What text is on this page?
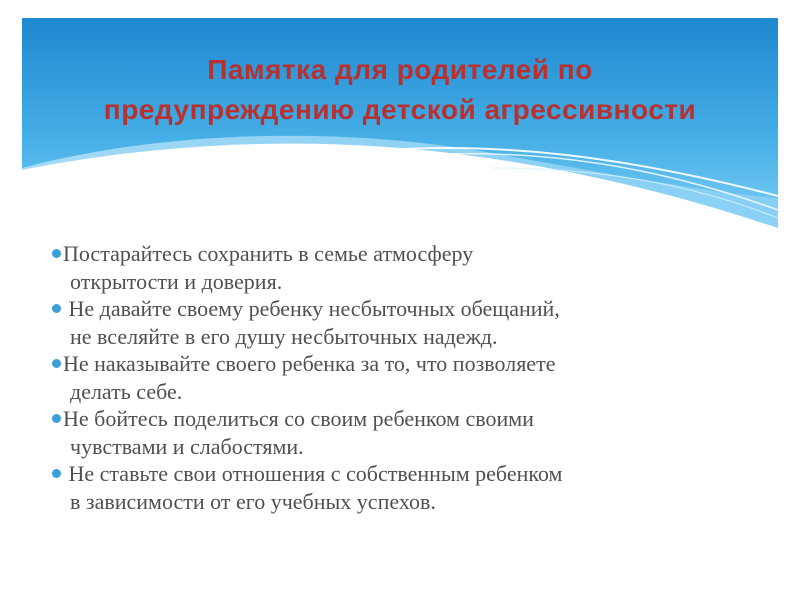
Памятка для родителей по
предупреждению детской агрессивности
Постарайтесь сохранить в семье атмосферу
открытости и доверия.
Не давайте своему ребенку несбыточных обещаний,
не вселяйте в его душу несбыточных надежд.
Не наказывайте своего ребенка за то, что позволяете
делать себе.
Не бойтесь поделиться со своим ребенком своими
чувствами и слабостями.
Не ставьте свои отношения с собственным ребенком
в зависимости от его учебных успехов.
